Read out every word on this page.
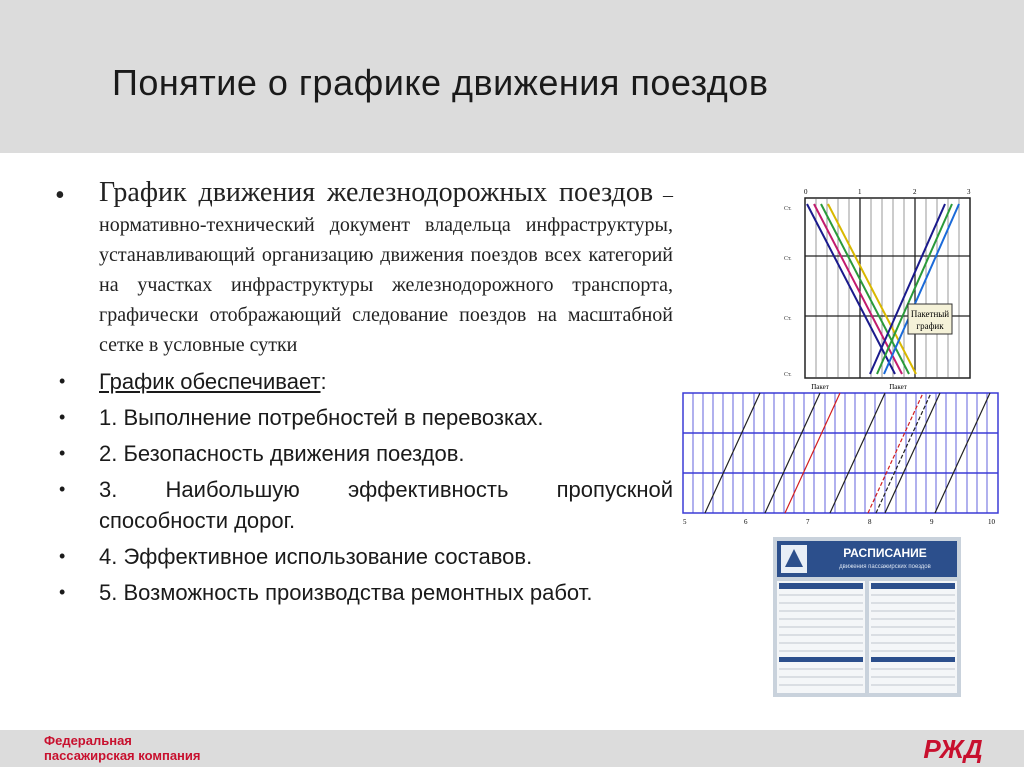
Понятие о графике движения поездов
• График движения железнодорожных поездов – нормативно-технический документ владельца инфраструктуры, устанавливающий организацию движения поездов всех категорий на участках инфраструктуры железнодорожного транспорта, графически отображающий следование поездов на масштабной сетке в условные сутки
• График обеспечивает:
• 1. Выполнение потребностей в перевозках.
• 2. Безопасность движения поездов.
• 3. Наибольшую эффективность пропускной способности дорог.
• 4. Эффективное использование составов.
• 5. Возможность производства ремонтных работ.
Пакетный
график
Пакет	Пакет
0	1	2	3
Ст.
Ст.
Ст.
Ст.
5	6	7	8	9	10
РАСПИСАНИЕ
движения пассажирских поездов
Федеральная
пассажирская компания	РЖД
